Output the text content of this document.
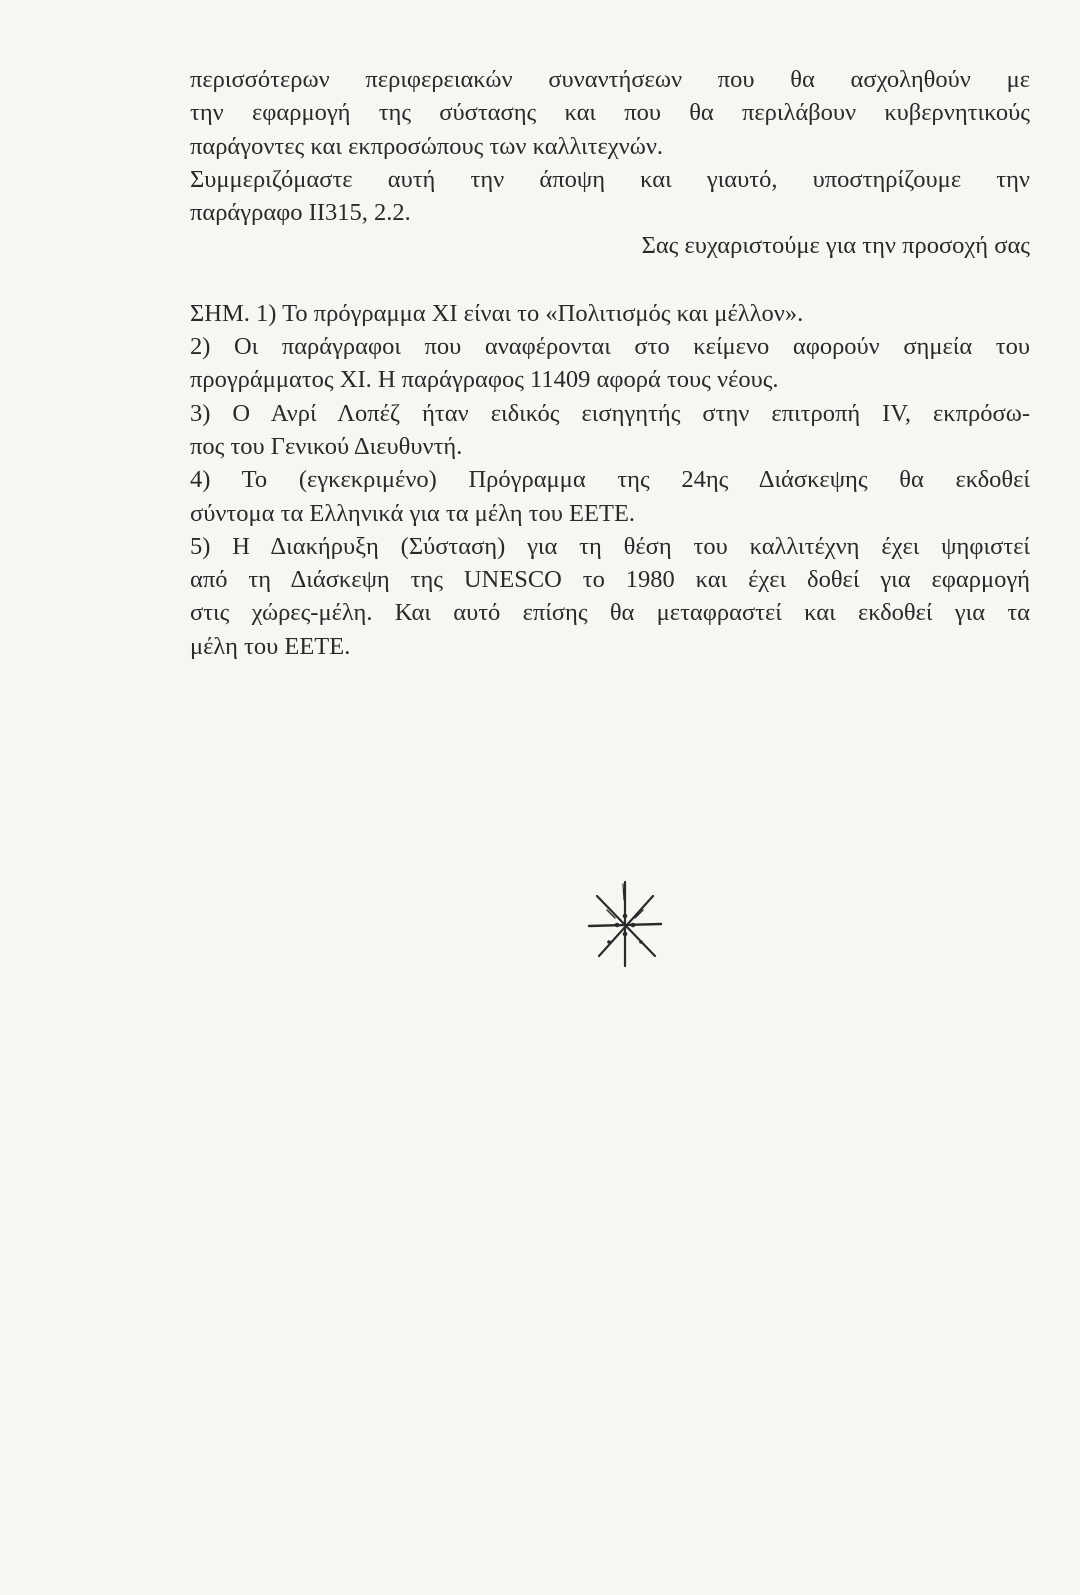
περισσότερων περιφερειακών συναντήσεων που θα ασχοληθούν με
την εφαρμογή της σύστασης και που θα περιλάβουν κυβερνητικούς
παράγοντες και εκπροσώπους των καλλιτεχνών.
Συμμεριζόμαστε αυτή την άποψη και γιαυτό, υποστηρίζουμε την
παράγραφο ΙΙ315, 2.2.
Σας ευχαριστούμε για την προσοχή σας
ΣΗΜ. 1) Το πρόγραμμα XI είναι το «Πολιτισμός και μέλλον».
2) Οι παράγραφοι που αναφέρονται στο κείμενο αφορούν σημεία του
προγράμματος XI. Η παράγραφος 11409 αφορά τους νέους.
3) Ο Ανρί Λοπέζ ήταν ειδικός εισηγητής στην επιτροπή IV, εκπρόσω-
πος του Γενικού Διευθυντή.
4) Το (εγκεκριμένο) Πρόγραμμα της 24ης Διάσκεψης θα εκδοθεί
σύντομα τα Ελληνικά για τα μέλη του ΕΕΤΕ.
5) Η Διακήρυξη (Σύσταση) για τη θέση του καλλιτέχνη έχει ψηφιστεί
από τη Διάσκεψη της UNESCO το 1980 και έχει δοθεί για εφαρμογή
στις χώρες-μέλη. Και αυτό επίσης θα μεταφραστεί και εκδοθεί για τα
μέλη του ΕΕΤΕ.
